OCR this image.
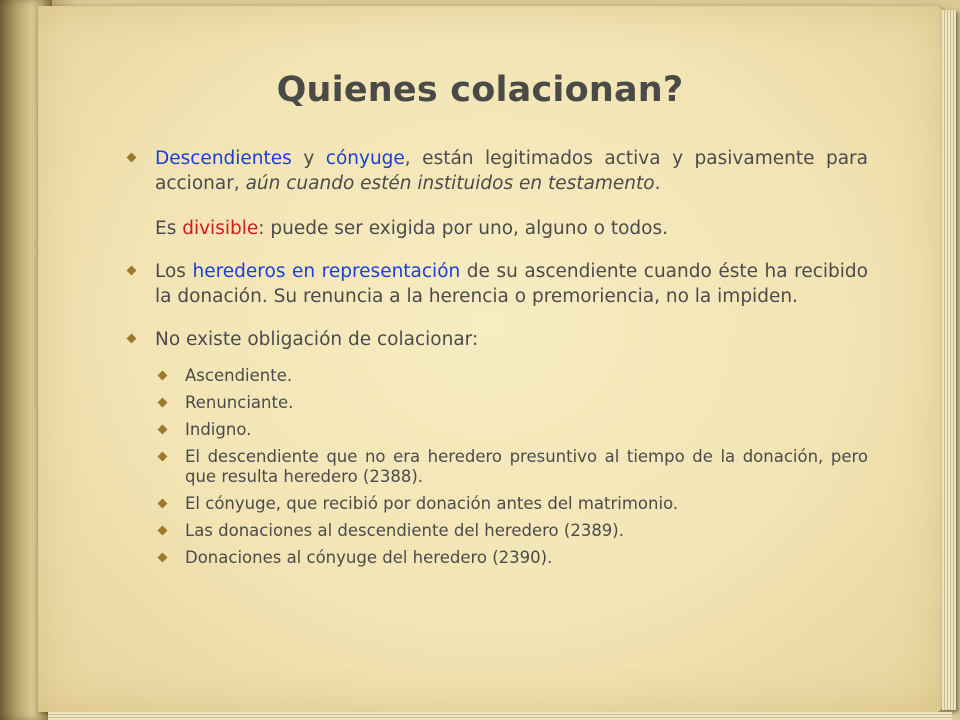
Quienes colacionan?
Descendientes y cónyuge, están legitimados activa y pasivamente para accionar, aún cuando estén instituidos en testamento.
Es divisible: puede ser exigida por uno, alguno o todos.
Los herederos en representación de su ascendiente cuando éste ha recibido la donación. Su renuncia a la herencia o premoriencia, no la impiden.
No existe obligación de colacionar:
Ascendiente.
Renunciante.
Indigno.
El descendiente que no era heredero presuntivo al tiempo de la donación, pero que resulta heredero (2388).
El cónyuge, que recibió por donación antes del matrimonio.
Las donaciones al descendiente del heredero (2389).
Donaciones al cónyuge del heredero (2390).
